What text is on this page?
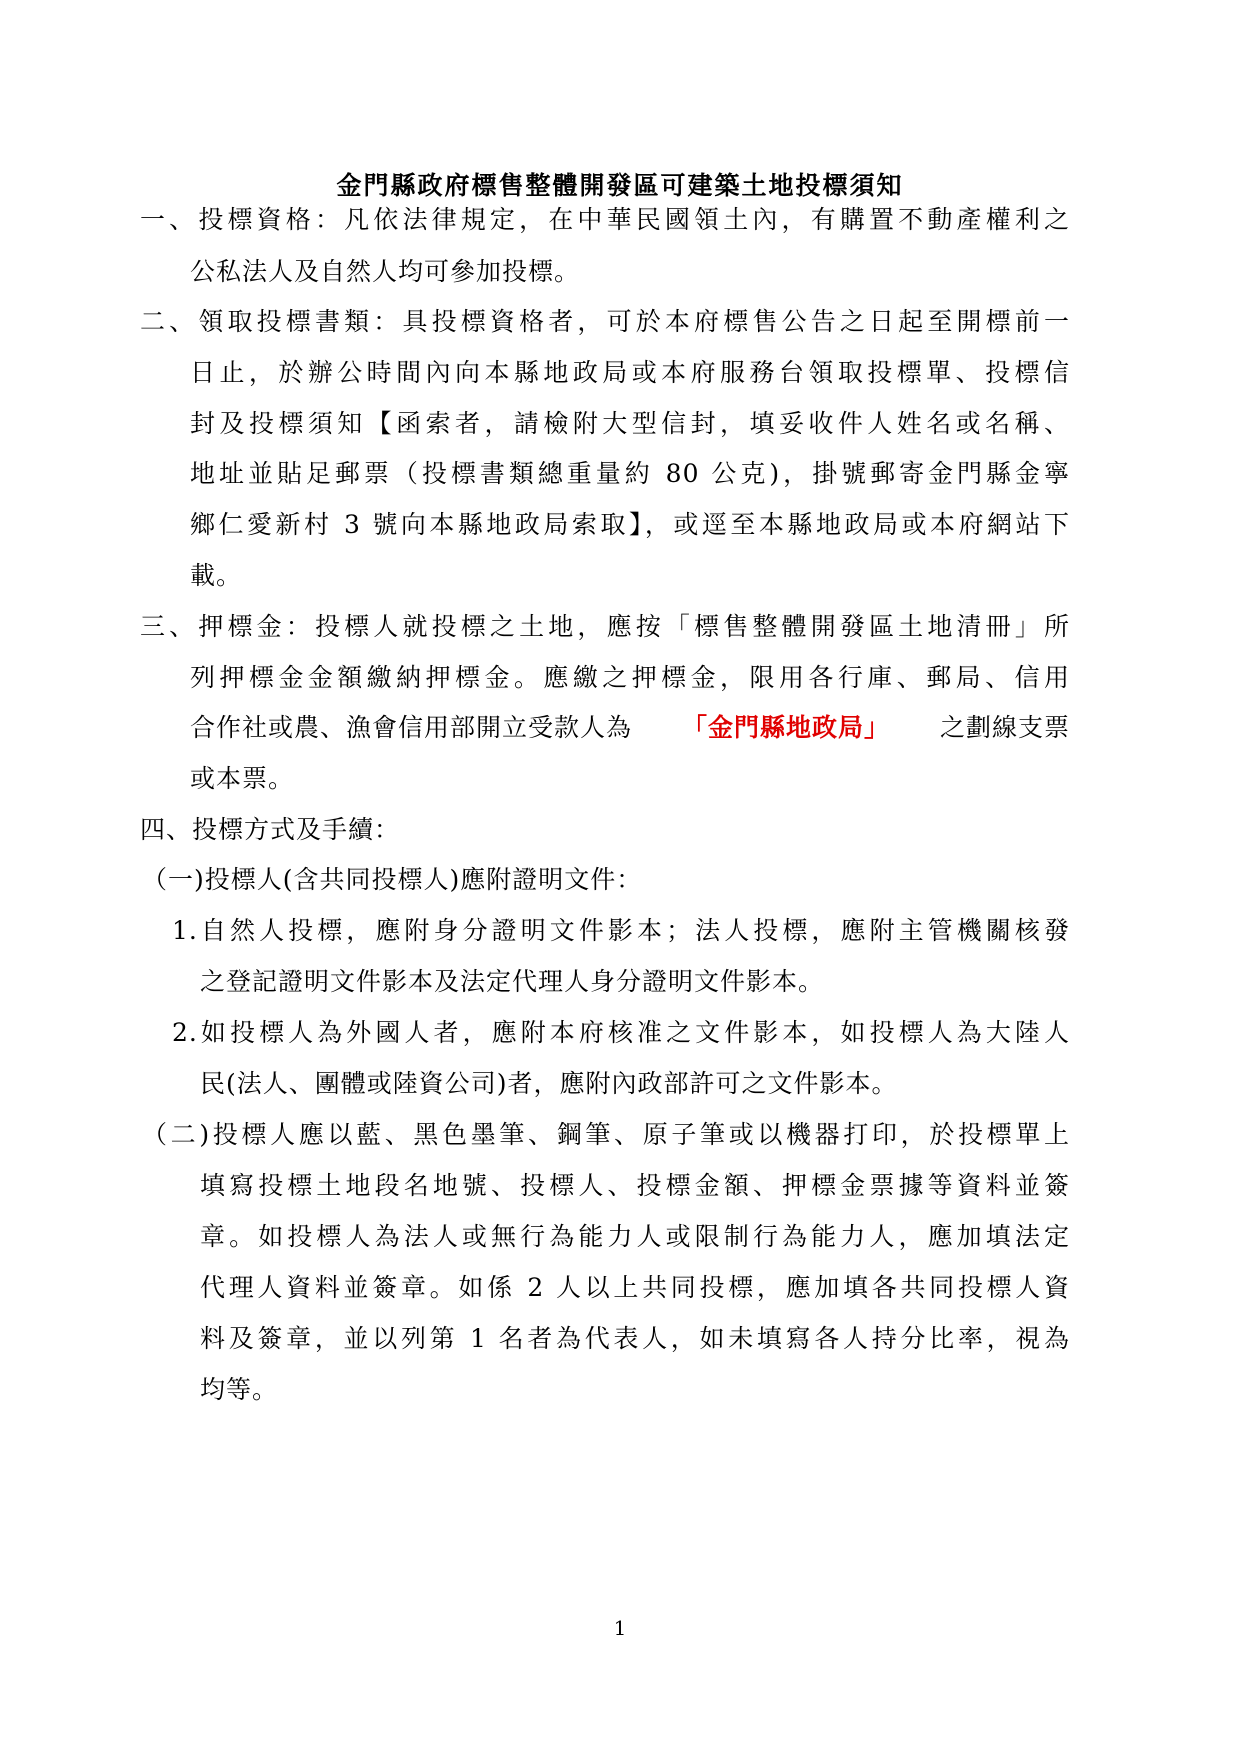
金門縣政府標售整體開發區可建築土地投標須知
一、投標資格：凡依法律規定，在中華民國領土內，有購置不動產權利之
公私法人及自然人均可參加投標。
二、領取投標書類：具投標資格者，可於本府標售公告之日起至開標前一
日止，於辦公時間內向本縣地政局或本府服務台領取投標單、投標信
封及投標須知【函索者，請檢附大型信封，填妥收件人姓名或名稱、
地址並貼足郵票（投標書類總重量約 80 公克)，掛號郵寄金門縣金寧
鄉仁愛新村 3 號向本縣地政局索取】，或逕至本縣地政局或本府網站下
載。
三、押標金：投標人就投標之土地，應按「標售整體開發區土地清冊」所
列押標金金額繳納押標金。應繳之押標金，限用各行庫、郵局、信用
合作社或農、漁會信用部開立受款人為 「金門縣地政局」 之劃線支票
或本票。
四、投標方式及手續：
（一)投標人(含共同投標人)應附證明文件：
1.自然人投標，應附身分證明文件影本；法人投標，應附主管機關核發
之登記證明文件影本及法定代理人身分證明文件影本。
2.如投標人為外國人者，應附本府核准之文件影本，如投標人為大陸人
民(法人、團體或陸資公司)者，應附內政部許可之文件影本。
（二)投標人應以藍、黑色墨筆、鋼筆、原子筆或以機器打印，於投標單上
填寫投標土地段名地號、投標人、投標金額、押標金票據等資料並簽
章。如投標人為法人或無行為能力人或限制行為能力人，應加填法定
代理人資料並簽章。如係 2 人以上共同投標，應加填各共同投標人資
料及簽章，並以列第 1 名者為代表人，如未填寫各人持分比率，視為
均等。
1
